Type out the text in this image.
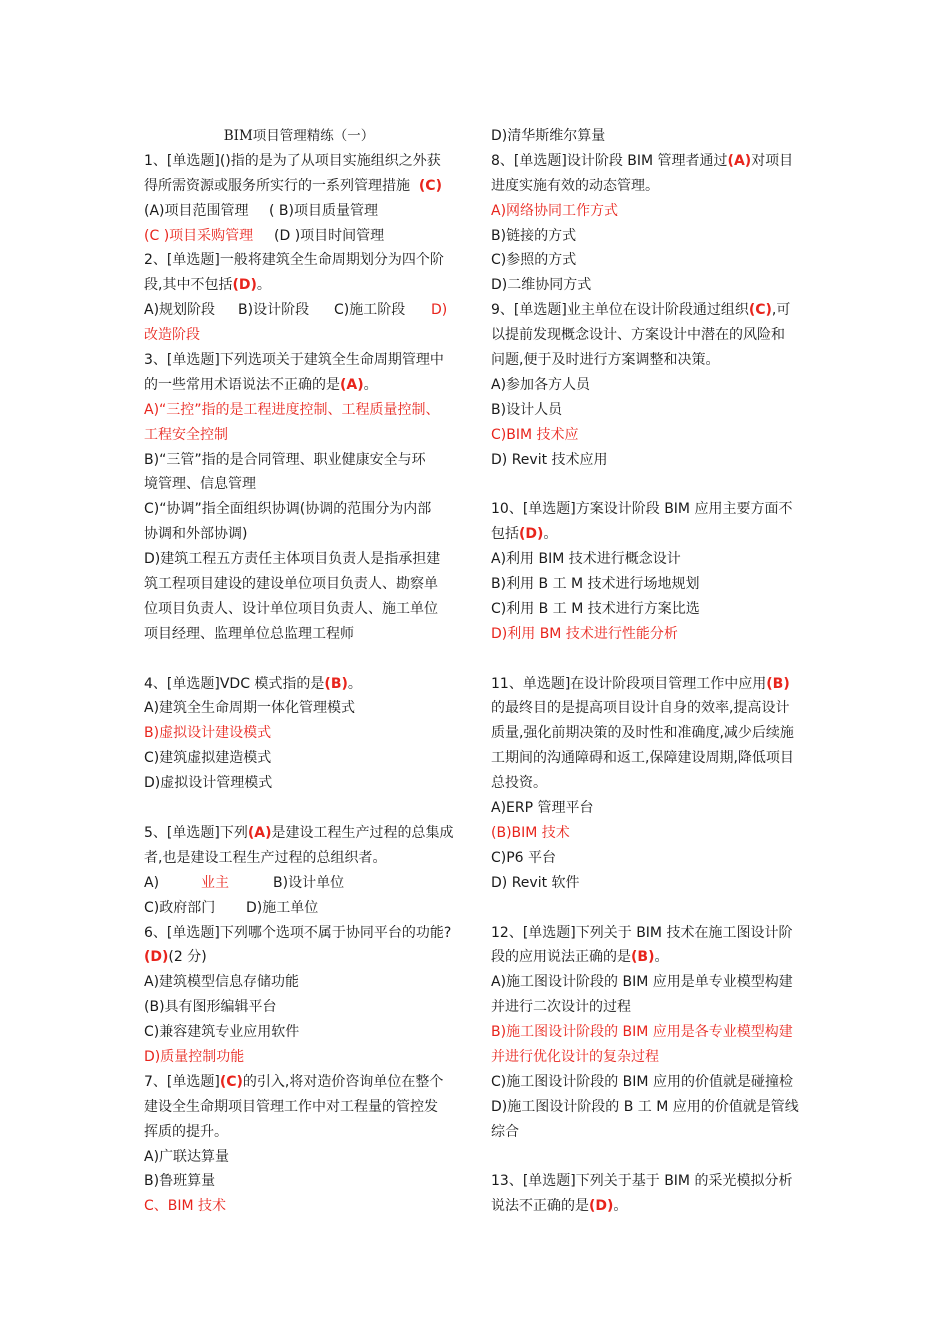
BIM项目管理精练（一）
1、[单选题]()指的是为了从项目实施组织之外获
得所需资源或服务所实行的一系列管理措施 (C)
(A)项目范围管理 ( B)项目质量管理
(C )项目采购管理 (D )项目时间管理
2、[单选题]一般将建筑全生命周期划分为四个阶
段,其中不包括(D)。
A)规划阶段 B)设计阶段 C)施工阶段 D)
改造阶段
3、[单选题]下列选项关于建筑全生命周期管理中
的一些常用术语说法不正确的是(A)。
A)“三控”指的是工程进度控制、工程质量控制、
工程安全控制
B)“三管”指的是合同管理、职业健康安全与环
境管理、信息管理
C)“协调”指全面组织协调(协调的范围分为内部
协调和外部协调)
D)建筑工程五方责任主体项目负责人是指承担建
筑工程项目建设的建设单位项目负责人、勘察单
位项目负责人、设计单位项目负责人、施工单位
项目经理、监理单位总监理工程师
4、[单选题]VDC 模式指的是(B)。
A)建筑全生命周期一体化管理模式
B)虚拟设计建设模式
C)建筑虚拟建造模式
D)虚拟设计管理模式
5、[单选题]下列(A)是建设工程生产过程的总集成
者,也是建设工程生产过程的总组织者。
A)	业主	B)设计单位
C)政府部门 D)施工单位
6、[单选题]下列哪个选项不属于协同平台的功能?
(D)(2 分)
A)建筑模型信息存储功能
(B)具有图形编辑平台
C)兼容建筑专业应用软件
D)质量控制功能
7、[单选题](C)的引入,将对造价咨询单位在整个
建设全生命期项目管理工作中对工程量的管控发
挥质的提升。
A)广联达算量
B)鲁班算量
C、BIM 技术
D)清华斯维尔算量
8、[单选题]设计阶段 BIM 管理者通过(A)对项目
进度实施有效的动态管理。
A)网络协同工作方式
B)链接的方式
C)参照的方式
D)二维协同方式
9、[单选题]业主单位在设计阶段通过组织(C),可
以提前发现概念设计、方案设计中潜在的风险和
问题,便于及时进行方案调整和决策。
A)参加各方人员
B)设计人员
C)BIM 技术应
D) Revit 技术应用
10、[单选题]方案设计阶段 BIM 应用主要方面不
包括(D)。
A)利用 BIM 技术进行概念设计
B)利用 B 工 M 技术进行场地规划
C)利用 B 工 M 技术进行方案比选
D)利用 BM 技术进行性能分析
11、单选题]在设计阶段项目管理工作中应用(B)
的最终目的是提高项目设计自身的效率,提高设计
质量,强化前期决策的及时性和准确度,减少后续施
工期间的沟通障碍和返工,保障建设周期,降低项目
总投资。
A)ERP 管理平台
(B)BIM 技术
C)P6 平台
D) Revit 软件
12、[单选题]下列关于 BIM 技术在施工图设计阶
段的应用说法正确的是(B)。
A)施工图设计阶段的 BIM 应用是单专业模型构建
并进行二次设计的过程
B)施工图设计阶段的 BIM 应用是各专业模型构建
并进行优化设计的复杂过程
C)施工图设计阶段的 BIM 应用的价值就是碰撞检
D)施工图设计阶段的 B 工 M 应用的价值就是管线
综合
13、[单选题]下列关于基于 BIM 的采光模拟分析
说法不正确的是(D)。
